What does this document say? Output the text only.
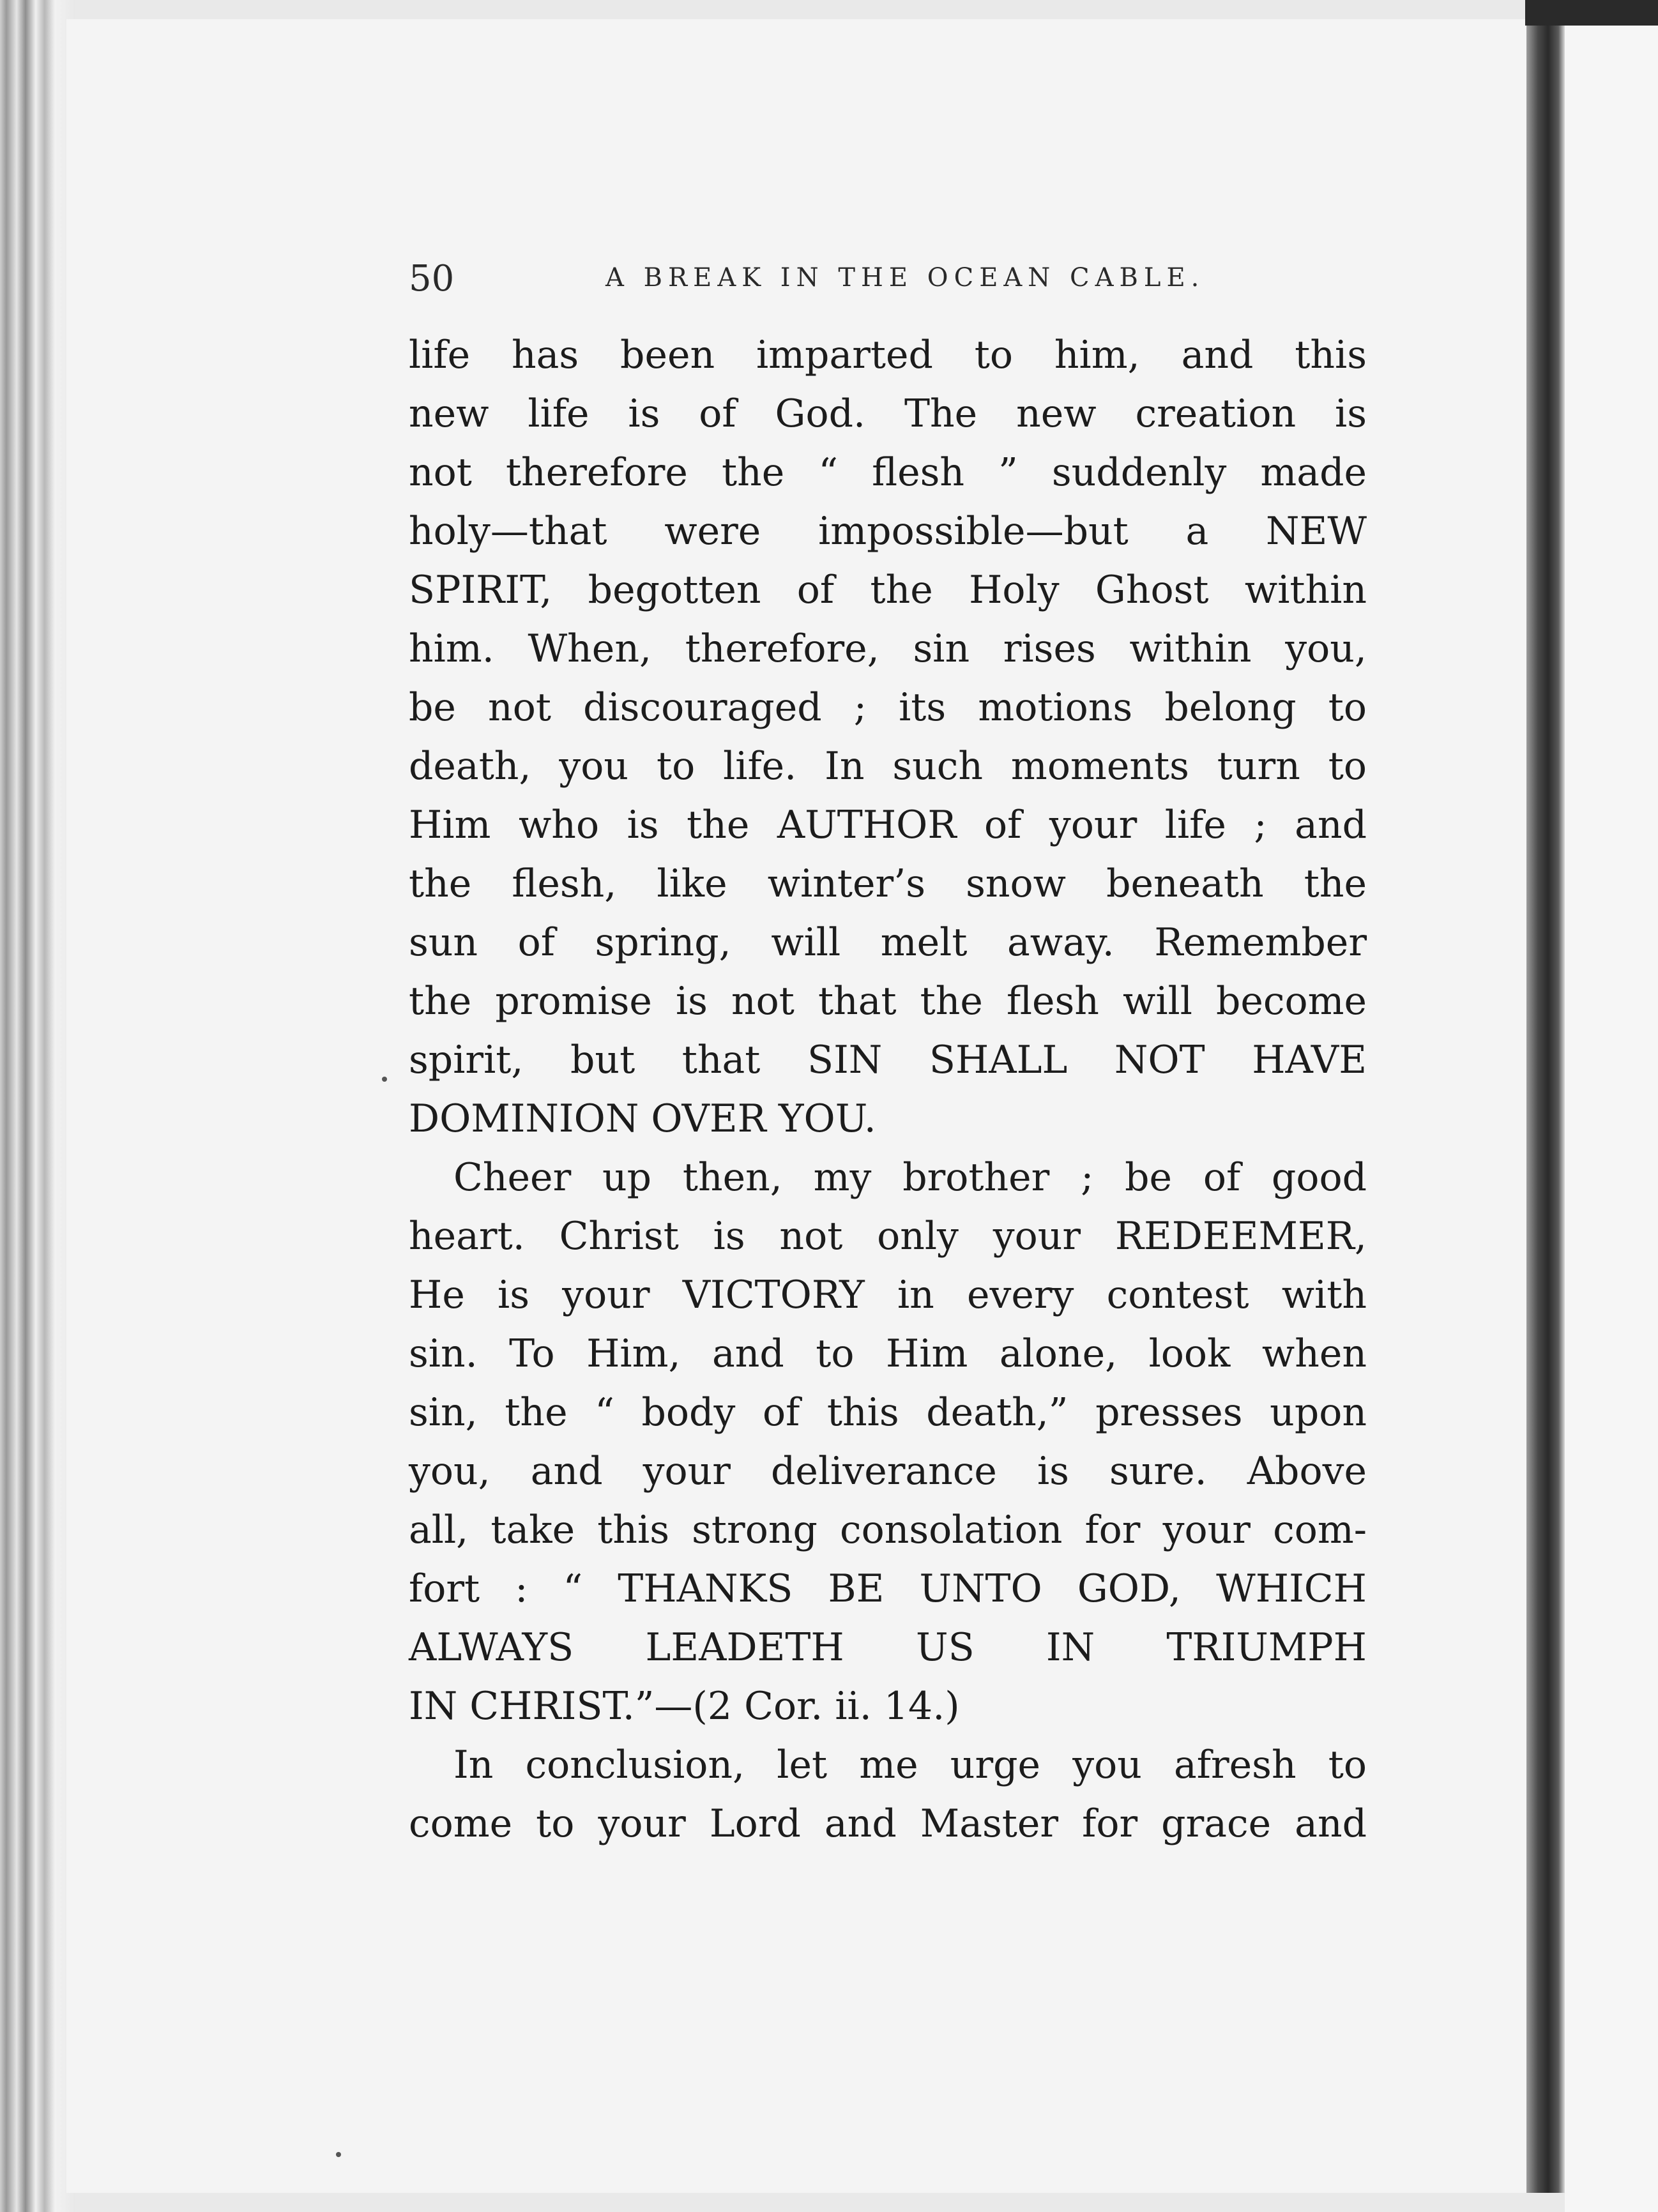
50	A BREAK IN THE OCEAN CABLE.
life has been imparted to him, and this
new life is of God. The new creation is
not therefore the “ flesh ” suddenly made
holy—that were impossible—but a NEW
SPIRIT, begotten of the Holy Ghost within
him. When, therefore, sin rises within you,
be not discouraged ; its motions belong to
death, you to life. In such moments turn to
Him who is the AUTHOR of your life ; and
the flesh, like winter’s snow beneath the
sun of spring, will melt away. Remember
the promise is not that the flesh will become
spirit, but that SIN SHALL NOT HAVE
DOMINION OVER YOU.
Cheer up then, my brother ; be of good
heart. Christ is not only your REDEEMER,
He is your VICTORY in every contest with
sin. To Him, and to Him alone, look when
sin, the “ body of this death,” presses upon
you, and your deliverance is sure. Above
all, take this strong consolation for your com-
fort : “ THANKS BE UNTO GOD, WHICH
ALWAYS LEADETH US IN TRIUMPH
IN CHRIST.”—(2 Cor. ii. 14.)
In conclusion, let me urge you afresh to
come to your Lord and Master for grace and
